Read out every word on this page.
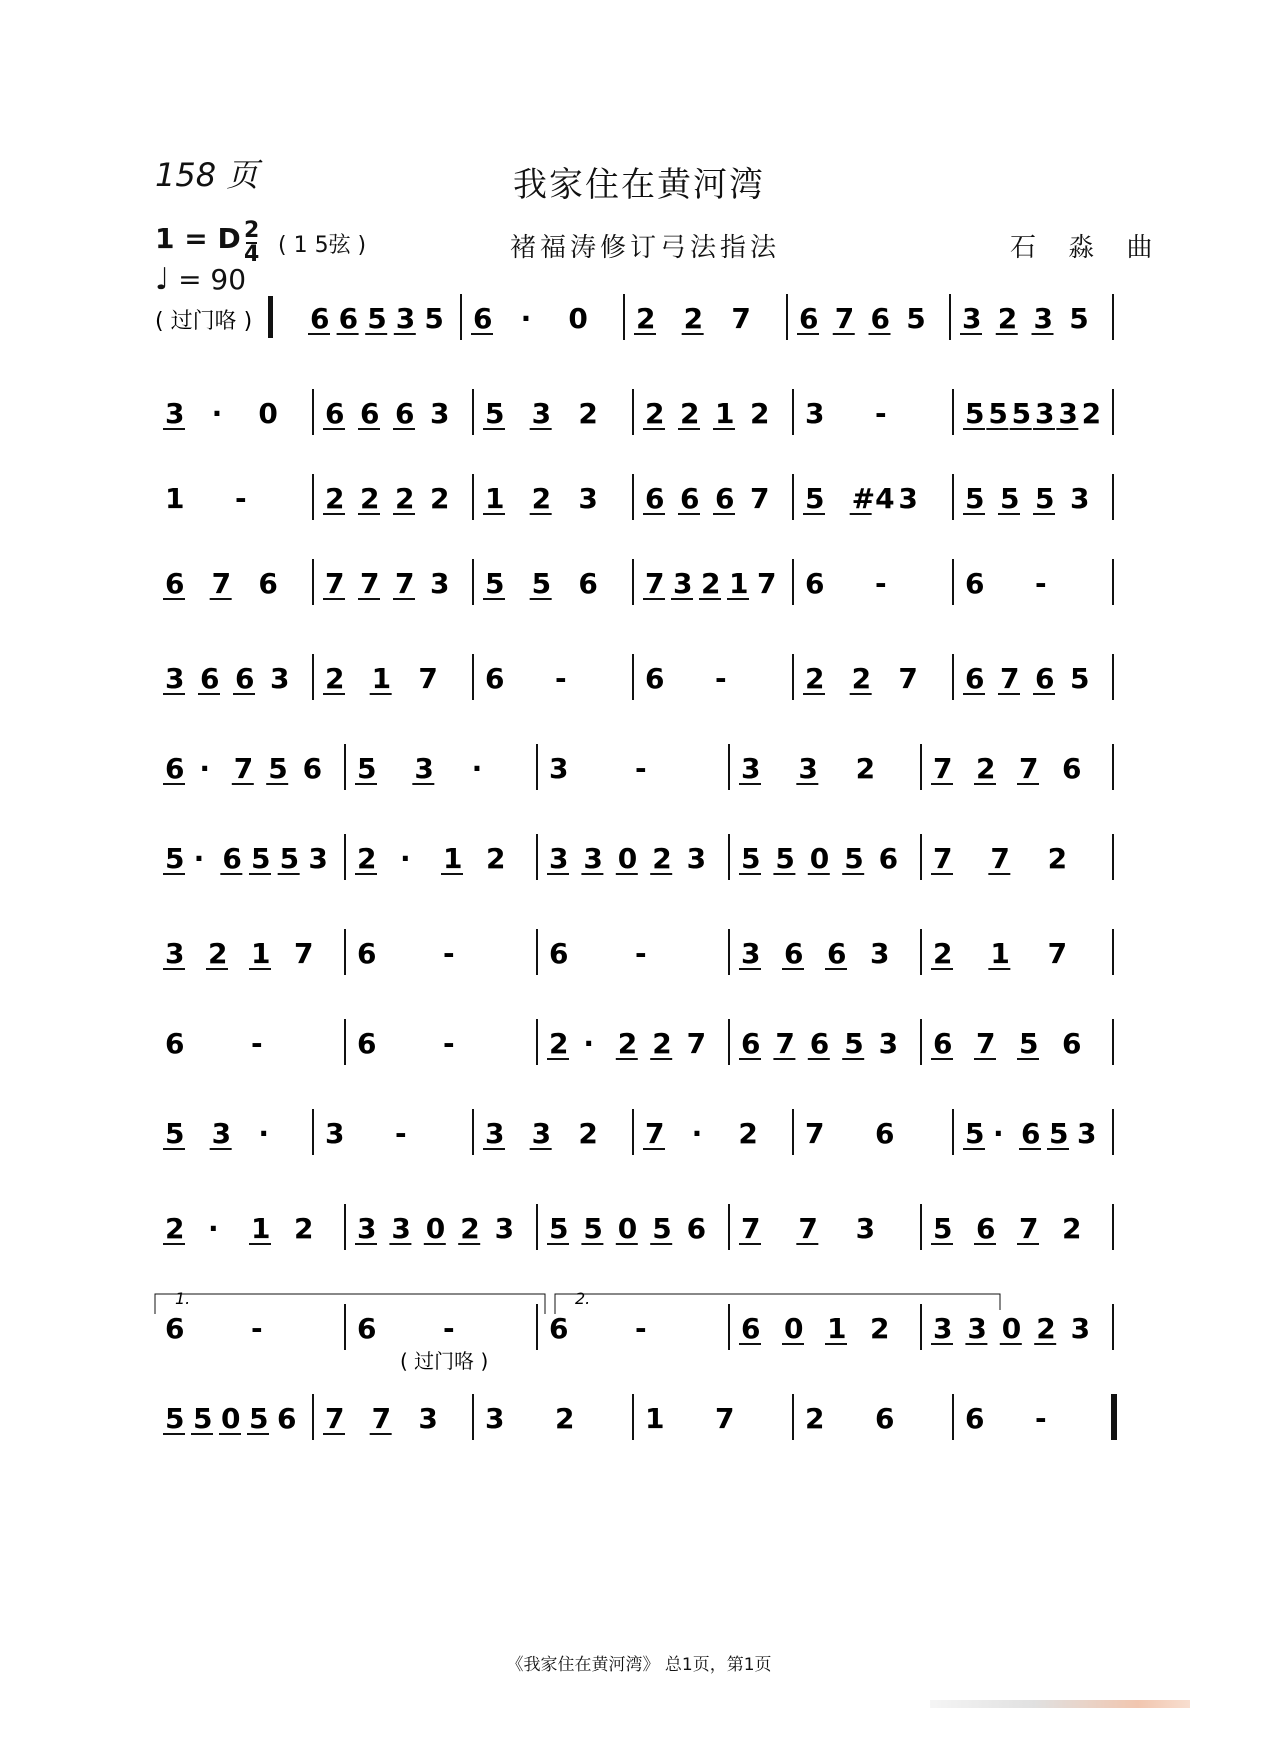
158 页	我家住在黄河湾
1 = D 2
4 ( 1 5弦 )
♩ = 90
褚福涛修订弓法指法	石 淼 曲
( 过门咯 ) 6 6 5 3 5 6 · 0 2 2 7 6 7 6 5 3 2 3 5
3 · 0 6 6 6 3 5 3 2 2 2 1 2 3 -	5 5 5 3 3 2
1 -	2 2 2 2 1 2 3 6 6 6 7 5 #4 3 5 5 5 3
6 7 6 7 7 7 3 5 5 6 7 3 2 1 7 6 -	6 -
3 6 6 3 2 1 7 6 -	6 -	2 2 7 6 7 6 5
6 · 7 5 6 5 3 · 3 -	3 3 2 7 2 7 6
5 · 6 5 5 3 2 · 1 2 3 3 0 2 3 5 5 0 5 6 7 7 2
3 2 1 7 6 -	6 -	3 6 6 3 2 1 7
6 -	6 -	2 · 2 2 7 6 7 6 5 3 6 7 5 6
5 3 · 3 -	3 3 2 7 · 2 7 6	5 · 6 5 3
2 · 1 2 3 3 0 2 3 5 5 0 5 6 7 7 3 5 6 7 2
6 -	6 -	6 -	6 0 1 2 3 3 0 2 3
1.	2.
( 过门咯 )
5 5 0 5 6 7 7 3 3 2	1 7	2 6	6 -
《我家住在黄河湾》 总1页，第1页
